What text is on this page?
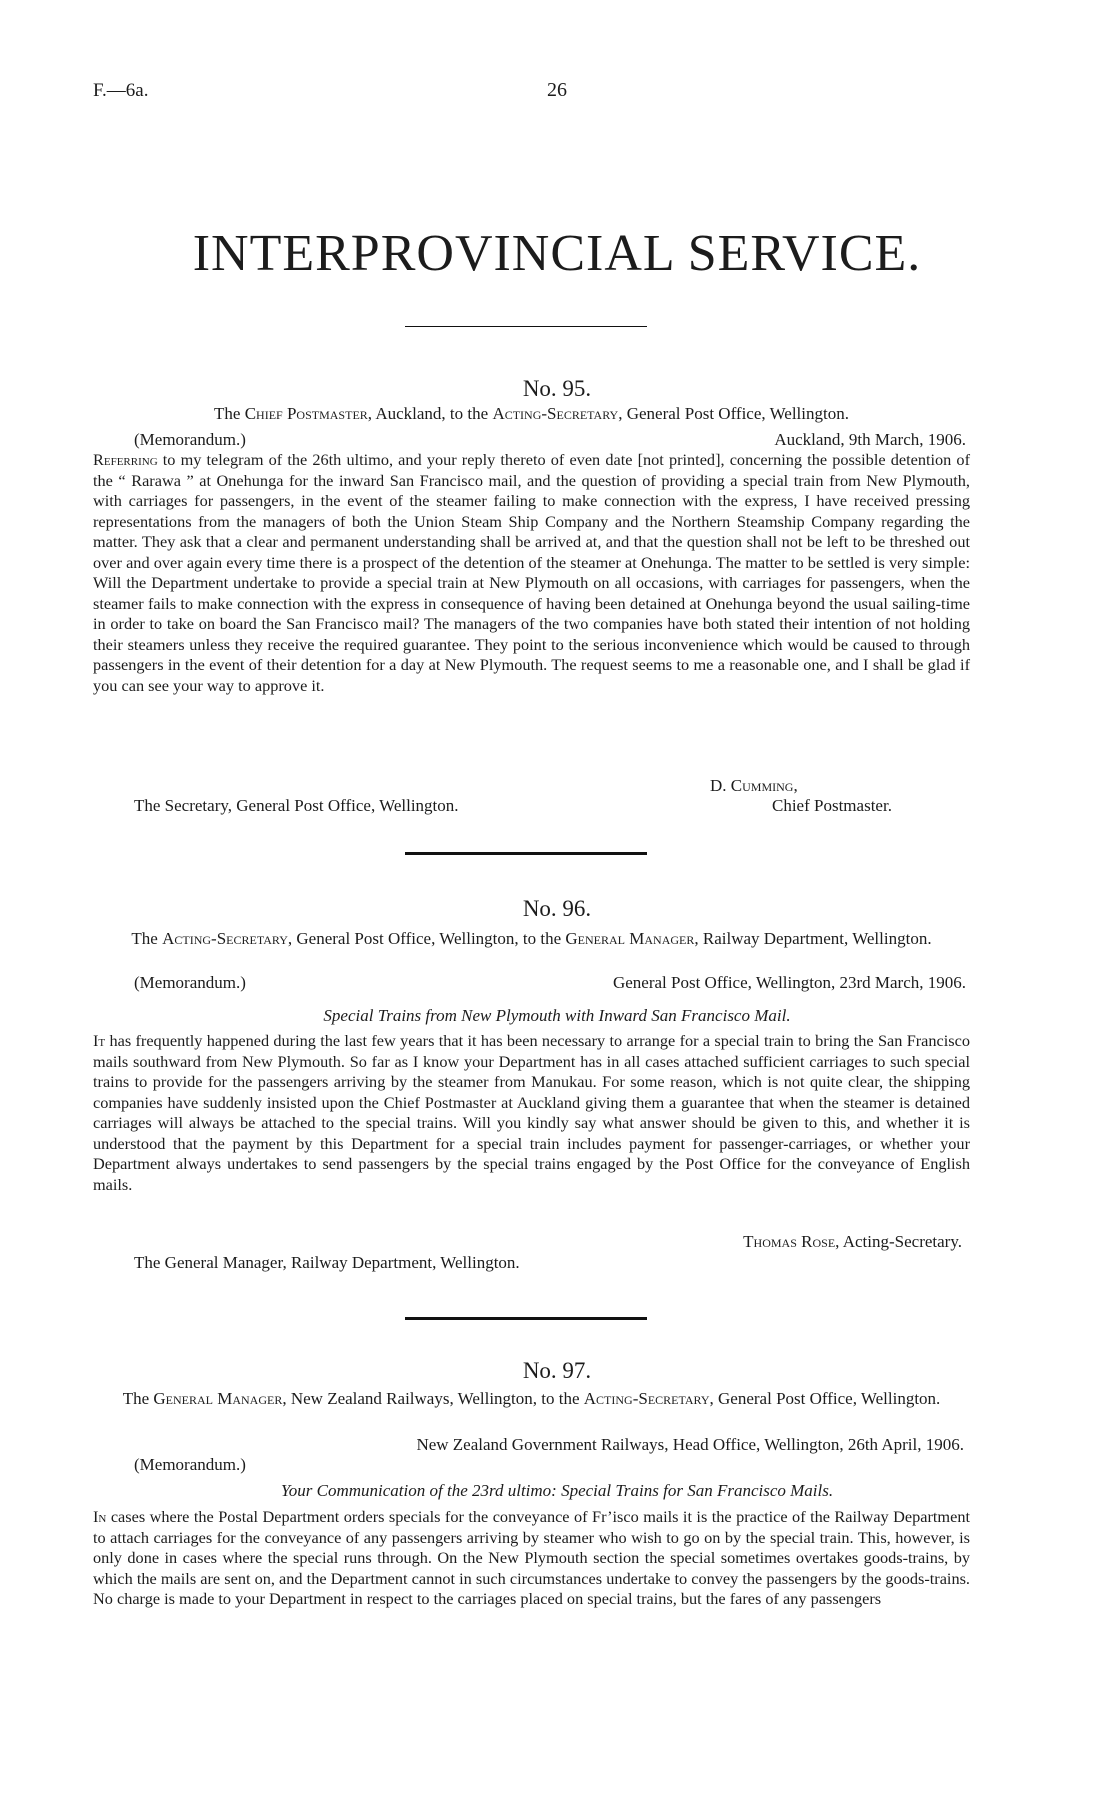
F.—6a.	26
INTERPROVINCIAL SERVICE.
No. 95.
The Chief Postmaster, Auckland, to the Acting-Secretary, General Post Office, Wellington.
(Memorandum.)	Auckland, 9th March, 1906.
Referring to my telegram of the 26th ultimo, and your reply thereto of even date [not printed], concerning the possible detention of the “ Rarawa ” at Onehunga for the inward San Francisco mail, and the question of providing a special train from New Plymouth, with carriages for passengers, in the event of the steamer failing to make connection with the express, I have received pressing representations from the managers of both the Union Steam Ship Company and the Northern Steamship Company regarding the matter. They ask that a clear and permanent understanding shall be arrived at, and that the question shall not be left to be threshed out over and over again every time there is a prospect of the detention of the steamer at Onehunga. The matter to be settled is very simple: Will the Department undertake to provide a special train at New Plymouth on all occasions, with carriages for passengers, when the steamer fails to make connection with the express in consequence of having been detained at Onehunga beyond the usual sailing-time in order to take on board the San Francisco mail? The managers of the two companies have both stated their intention of not holding their steamers unless they receive the required guarantee. They point to the serious inconvenience which would be caused to through passengers in the event of their detention for a day at New Plymouth. The request seems to me a reasonable one, and I shall be glad if you can see your way to approve it.
D. Cumming,
The Secretary, General Post Office, Wellington.	Chief Postmaster.
No. 96.
The Acting-Secretary, General Post Office, Wellington, to the General Manager, Railway Department, Wellington.
(Memorandum.)	General Post Office, Wellington, 23rd March, 1906.
Special Trains from New Plymouth with Inward San Francisco Mail.
It has frequently happened during the last few years that it has been necessary to arrange for a special train to bring the San Francisco mails southward from New Plymouth. So far as I know your Department has in all cases attached sufficient carriages to such special trains to provide for the passengers arriving by the steamer from Manukau. For some reason, which is not quite clear, the shipping companies have suddenly insisted upon the Chief Postmaster at Auckland giving them a guarantee that when the steamer is detained carriages will always be attached to the special trains. Will you kindly say what answer should be given to this, and whether it is understood that the payment by this Department for a special train includes payment for passenger-carriages, or whether your Department always undertakes to send passengers by the special trains engaged by the Post Office for the conveyance of English mails.
Thomas Rose, Acting-Secretary.
The General Manager, Railway Department, Wellington.
No. 97.
The General Manager, New Zealand Railways, Wellington, to the Acting-Secretary, General Post Office, Wellington.
New Zealand Government Railways, Head Office, Wellington, 26th April, 1906.
(Memorandum.)
Your Communication of the 23rd ultimo: Special Trains for San Francisco Mails.
In cases where the Postal Department orders specials for the conveyance of Fr’isco mails it is the practice of the Railway Department to attach carriages for the conveyance of any passengers arriving by steamer who wish to go on by the special train. This, however, is only done in cases where the special runs through. On the New Plymouth section the special sometimes overtakes goods-trains, by which the mails are sent on, and the Department cannot in such circumstances undertake to convey the passengers by the goods-trains. No charge is made to your Department in respect to the carriages placed on special trains, but the fares of any passengers
